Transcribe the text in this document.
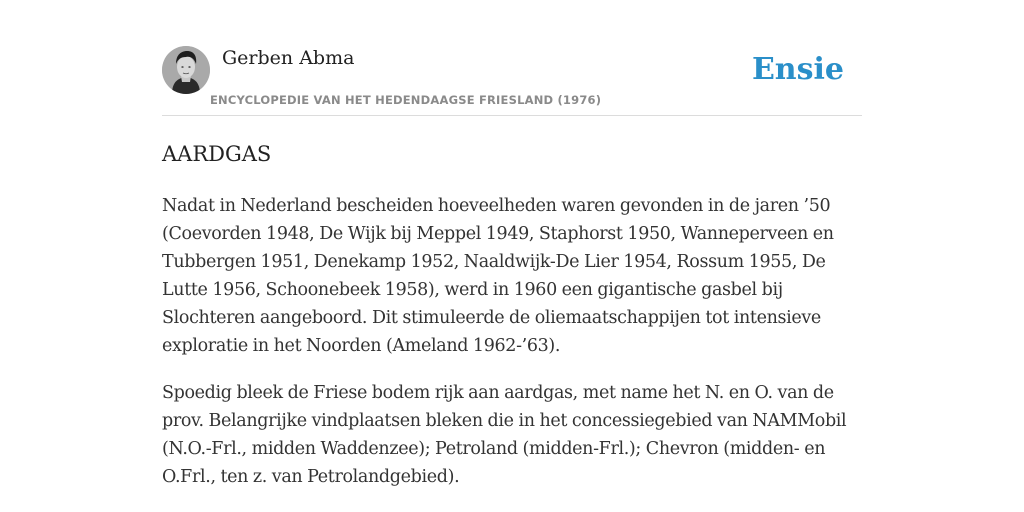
Gerben Abma
ENCYCLOPEDIE VAN HET HEDENDAAGSE FRIESLAND (1976)
Ensie
AARDGAS

Nadat in Nederland bescheiden hoeveelheden waren gevonden in de jaren ’50 (Coevorden 1948, De Wijk bij Meppel 1949, Staphorst 1950, Wanneperveen en Tubbergen 1951, Denekamp 1952, Naaldwijk-De Lier 1954, Rossum 1955, De Lutte 1956, Schoonebeek 1958), werd in 1960 een gigantische gasbel bij Slochteren aangeboord. Dit stimuleerde de oliemaatschappijen tot intensieve exploratie in het Noorden (Ameland 1962-’63).

Spoedig bleek de Friese bodem rijk aan aardgas, met name het N. en O. van de prov. Belangrijke vindplaatsen bleken die in het concessiegebied van NAMMobil (N.O.-Frl., midden Waddenzee); Petroland (midden-Frl.); Chevron (midden- en O.Frl., ten z. van Petrolandgebied).
